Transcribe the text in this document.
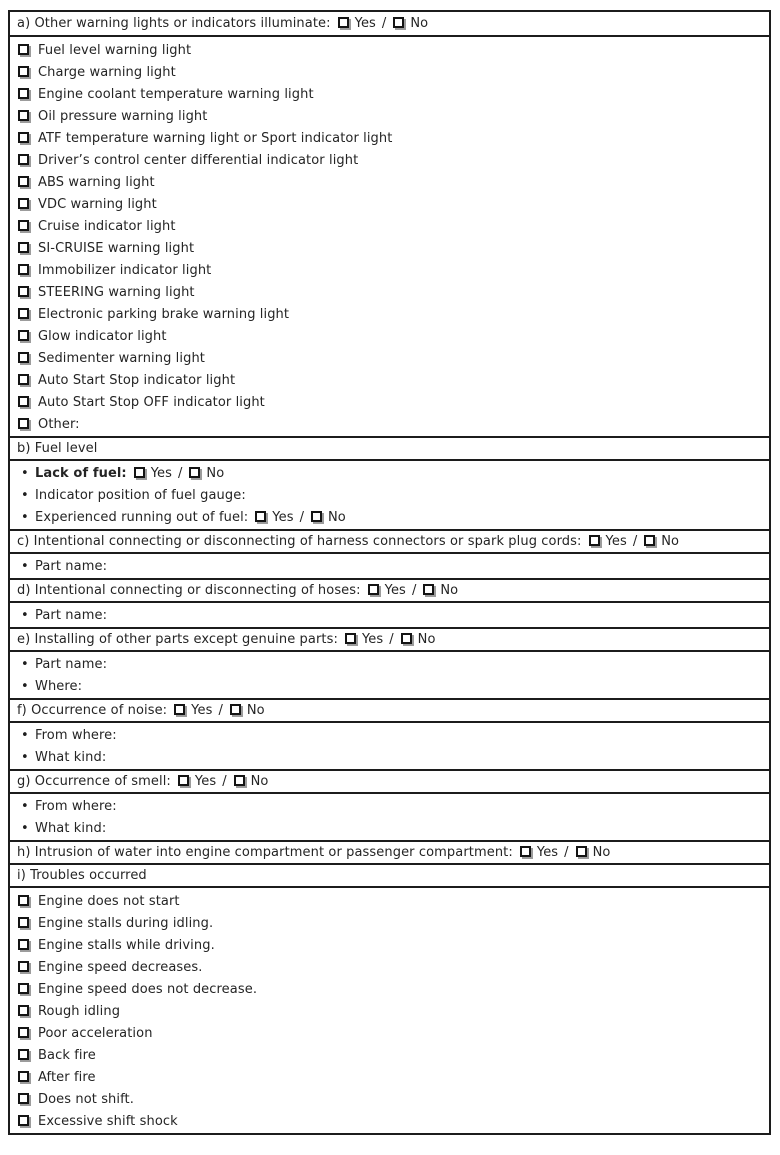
a) Other warning lights or indicators illuminate: Yes / No
Fuel level warning light
Charge warning light
Engine coolant temperature warning light
Oil pressure warning light
ATF temperature warning light or Sport indicator light
Driver’s control center differential indicator light
ABS warning light
VDC warning light
Cruise indicator light
SI-CRUISE warning light
Immobilizer indicator light
STEERING warning light
Electronic parking brake warning light
Glow indicator light
Sedimenter warning light
Auto Start Stop indicator light
Auto Start Stop OFF indicator light
Other:
b) Fuel level
• Lack of fuel: Yes / No
• Indicator position of fuel gauge:
• Experienced running out of fuel: Yes / No
c) Intentional connecting or disconnecting of harness connectors or spark plug cords: Yes / No
• Part name:
d) Intentional connecting or disconnecting of hoses: Yes / No
• Part name:
e) Installing of other parts except genuine parts: Yes / No
• Part name:
• Where:
f) Occurrence of noise: Yes / No
• From where:
• What kind:
g) Occurrence of smell: Yes / No
• From where:
• What kind:
h) Intrusion of water into engine compartment or passenger compartment: Yes / No
i) Troubles occurred
Engine does not start
Engine stalls during idling.
Engine stalls while driving.
Engine speed decreases.
Engine speed does not decrease.
Rough idling
Poor acceleration
Back fire
After fire
Does not shift.
Excessive shift shock
